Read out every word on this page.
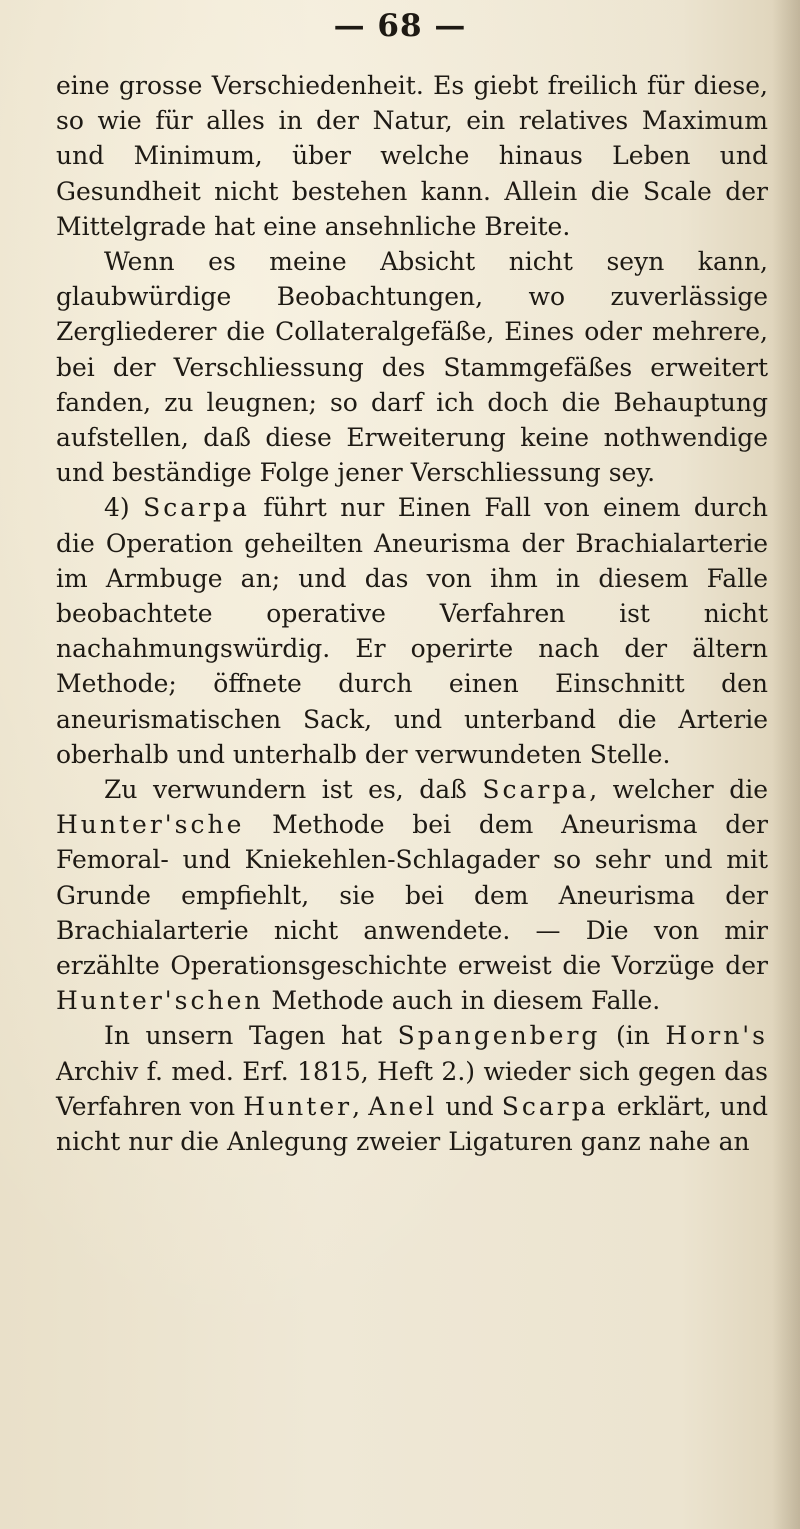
— 68 —

eine grosse Verschiedenheit. Es giebt freilich für diese, so wie für alles in der Natur, ein relatives Maximum und Minimum, über welche hinaus Leben und Gesundheit nicht bestehen kann. Allein die Scale der Mittelgrade hat eine ansehnliche Breite.

Wenn es meine Absicht nicht seyn kann, glaubwürdige Beobachtungen, wo zuverlässige Zergliederer die Collateralgefäße, Eines oder mehrere, bei der Verschliessung des Stammgefäßes erweitert fanden, zu leugnen; so darf ich doch die Behauptung aufstellen, daß diese Erweiterung keine nothwendige und beständige Folge jener Verschliessung sey.

4) Scarpa führt nur Einen Fall von einem durch die Operation geheilten Aneurisma der Brachialarterie im Armbuge an; und das von ihm in diesem Falle beobachtete operative Verfahren ist nicht nachahmungswürdig. Er operirte nach der ältern Methode; öffnete durch einen Einschnitt den aneurismatischen Sack, und unterband die Arterie oberhalb und unterhalb der verwundeten Stelle.

Zu verwundern ist es, daß Scarpa, welcher die Hunter'sche Methode bei dem Aneurisma der Femoral- und Kniekehlen-Schlagader so sehr und mit Grunde empfiehlt, sie bei dem Aneurisma der Brachialarterie nicht anwendete. — Die von mir erzählte Operationsgeschichte erweist die Vorzüge der Hunter'schen Methode auch in diesem Falle.

In unsern Tagen hat Spangenberg (in Horn's Archiv f. med. Erf. 1815, Heft 2.) wieder sich gegen das Verfahren von Hunter, Anel und Scarpa erklärt, und nicht nur die Anlegung zweier Ligaturen ganz nahe an
